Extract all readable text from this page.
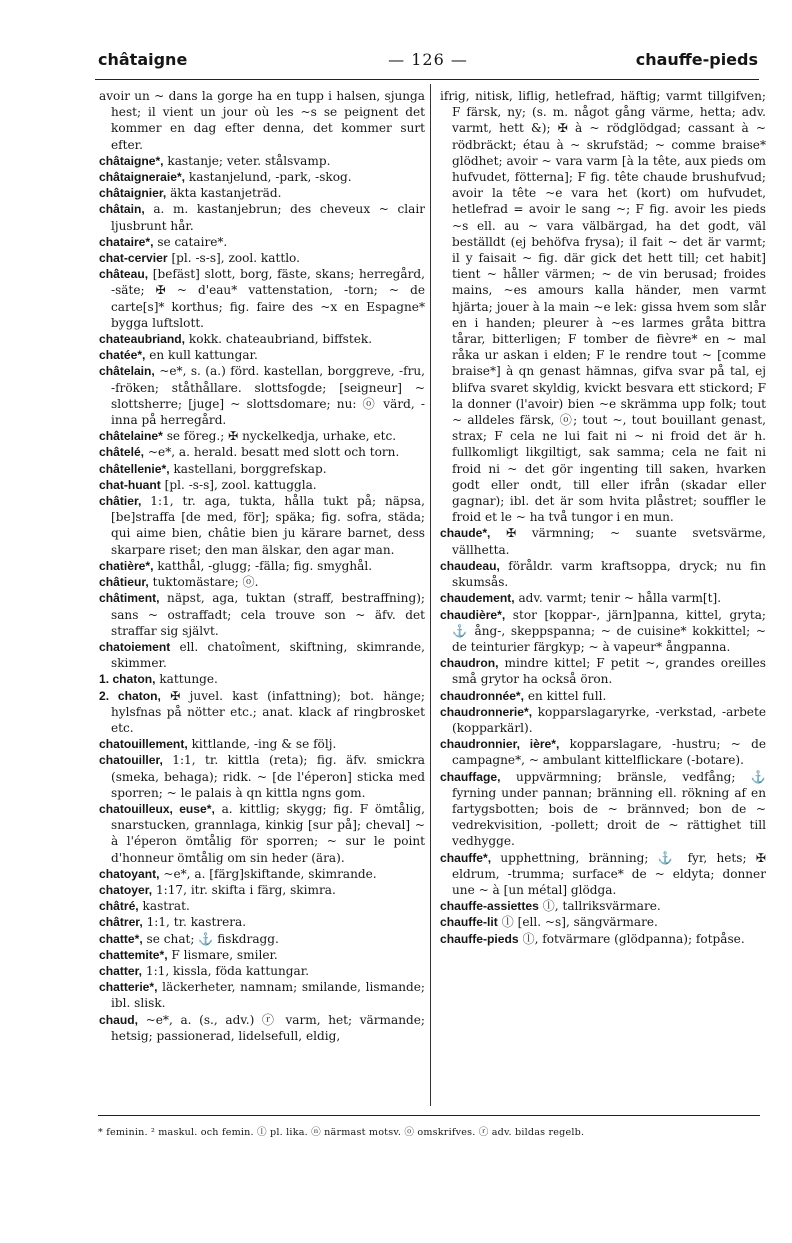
châtaigne	— 126 —	chauffe-pieds

avoir un ~ dans la gorge ha en tupp i halsen, sjunga hest; il vient un jour où les ~s se peignent det kommer en dag efter denna, det kommer surt efter.

châtaigne*, kastanje; veter. stålsvamp.

châtaigneraie*, kastanjelund, -park, -skog.

châtaignier, äkta kastanjeträd.

châtain, a. m. kastanjebrun; des cheveux ~ clair ljusbrunt hår.

chataire*, se cataire*.

chat-cervier [pl. -s-s], zool. kattlo.

château, [befäst] slott, borg, fäste, skans; herregård, -säte; ✠ ~ d'eau* vattenstation, -torn; ~ de carte[s]* korthus; fig. faire des ~x en Espagne* bygga luftslott.

chateaubriand, kokk. chateaubriand, biffstek.

chatée*, en kull kattungar.

châtelain, ~e*, s. (a.) förd. kastellan, borggreve, -fru, -fröken; ståthållare. slottsfogde; [seigneur] ~ slottsherre; [juge] ~ slottsdomare; nu: ⓞ värd, -inna på herregård.

châtelaine* se föreg.; ✠ nyckelkedja, urhake, etc.

châtelé, ~e*, a. herald. besatt med slott och torn.

châtellenie*, kastellani, borggrefskap.

chat-huant [pl. -s-s], zool. kattuggla.

châtier, 1:1, tr. aga, tukta, hålla tukt på; näpsa, [be]straffa [de med, för]; späka; fig. sofra, städa; qui aime bien, châtie bien ju kärare barnet, dess skarpare riset; den man älskar, den agar man.

chatière*, katthål, -glugg; -fälla; fig. smyghål.

châtieur, tuktomästare; ⓞ.

châtiment, näpst, aga, tuktan (straff, bestraffning); sans ~ ostraffadt; cela trouve son ~ äfv. det straffar sig självt.

chatoiement ell. chatoîment, skiftning, skimrande, skimmer.

1. chaton, kattunge.

2. chaton, ✠ juvel. kast (infattning); bot. hänge; hylsfnas på nötter etc.; anat. klack af ringbrosket etc.

chatouillement, kittlande, -ing & se följ.

chatouiller, 1:1, tr. kittla (reta); fig. äfv. smickra (smeka, behaga); ridk. ~ [de l'éperon] sticka med sporren; ~ le palais à qn kittla ngns gom.

chatouilleux, euse*, a. kittlig; skygg; fig. F ömtålig, snarstucken, grannlaga, kinkig [sur på]; cheval] ~ à l'éperon ömtålig för sporren; ~ sur le point d'honneur ömtålig om sin heder (ära).

chatoyant, ~e*, a. [färg]skiftande, skimrande.

chatoyer, 1:17, itr. skifta i färg, skimra.

châtré, kastrat.

châtrer, 1:1, tr. kastrera.

chatte*, se chat; ⚓ fiskdragg.

chattemite*, F lismare, smiler.

chatter, 1:1, kissla, föda kattungar.

chatterie*, läckerheter, namnam; smilande, lismande; ibl. slisk.

chaud, ~e*, a. (s., adv.) ⓡ varm, het; värmande; hetsig; passionerad, lidelsefull, eldig,

ifrig, nitisk, liflig, hetlefrad, häftig; varmt tillgifven; F färsk, ny; (s. m. något gång värme, hetta; adv. varmt, hett &); ✠ à ~ rödglödgad; cassant à ~ rödbräckt; étau à ~ skrufstäd; ~ comme braise* glödhet; avoir ~ vara varm [à la tête, aux pieds om hufvudet, fötterna]; F fig. tête chaude brushufvud; avoir la tête ~e vara het (kort) om hufvudet, hetlefrad = avoir le sang ~; F fig. avoir les pieds ~s ell. au ~ vara välbärgad, ha det godt, väl beställdt (ej behöfva frysa); il fait ~ det är varmt; il y faisait ~ fig. där gick det hett till; cet habit] tient ~ håller värmen; ~ de vin berusad; froides mains, ~es amours kalla händer, men varmt hjärta; jouer à la main ~e lek: gissa hvem som slår en i handen; pleurer à ~es larmes gråta bittra tårar, bitterligen; F tomber de fièvre* en ~ mal råka ur askan i elden; F le rendre tout ~ [comme braise*] à qn genast hämnas, gifva svar på tal, ej blifva svaret skyldig, kvickt besvara ett stickord; F la donner (l'avoir) bien ~e skrämma upp folk; tout ~ alldeles färsk, ⓞ; tout ~, tout bouillant genast, strax; F cela ne lui fait ni ~ ni froid det är h. fullkomligt likgiltigt, sak samma; cela ne fait ni froid ni ~ det gör ingenting till saken, hvarken godt eller ondt, till eller ifrån (skadar eller gagnar); ibl. det är som hvita plåstret; souffler le froid et le ~ ha två tungor i en mun.

chaude*, ✠ värmning; ~ suante svetsvärme, vällhetta.

chaudeau, föråldr. varm kraftsoppa, dryck; nu fin skumsås.

chaudement, adv. varmt; tenir ~ hålla varm[t].

chaudière*, stor [koppar-, järn]panna, kittel, gryta; ⚓ ång-, skeppspanna; ~ de cuisine* kokkittel; ~ de teinturier färgkyp; ~ à vapeur* ångpanna.

chaudron, mindre kittel; F petit ~, grandes oreilles små grytor ha också öron.

chaudronnée*, en kittel full.

chaudronnerie*, kopparslagaryrke, -verkstad, -arbete (kopparkärl).

chaudronnier, ière*, kopparslagare, -hustru; ~ de campagne*, ~ ambulant kittelflickare (-botare).

chauffage, uppvärmning; bränsle, vedfång; ⚓ fyrning under pannan; bränning ell. rökning af en fartygsbotten; bois de ~ brännved; bon de ~ vedrekvisition, -pollett; droit de ~ rättighet till vedhygge.

chauffe*, upphettning, bränning; ⚓ fyr, hets; ✠ eldrum, -trumma; surface* de ~ eldyta; donner une ~ à [un métal] glödga.

chauffe-assiettes ⓛ, tallriksvärmare.

chauffe-lit ⓛ [ell. ~s], sängvärmare.

chauffe-pieds ⓛ, fotvärmare (glödpanna); fotpåse.

* feminin. ² maskul. och femin. ⓛ pl. lika. ⓝ närmast motsv. ⓞ omskrifves. ⓡ adv. bildas regelb.
